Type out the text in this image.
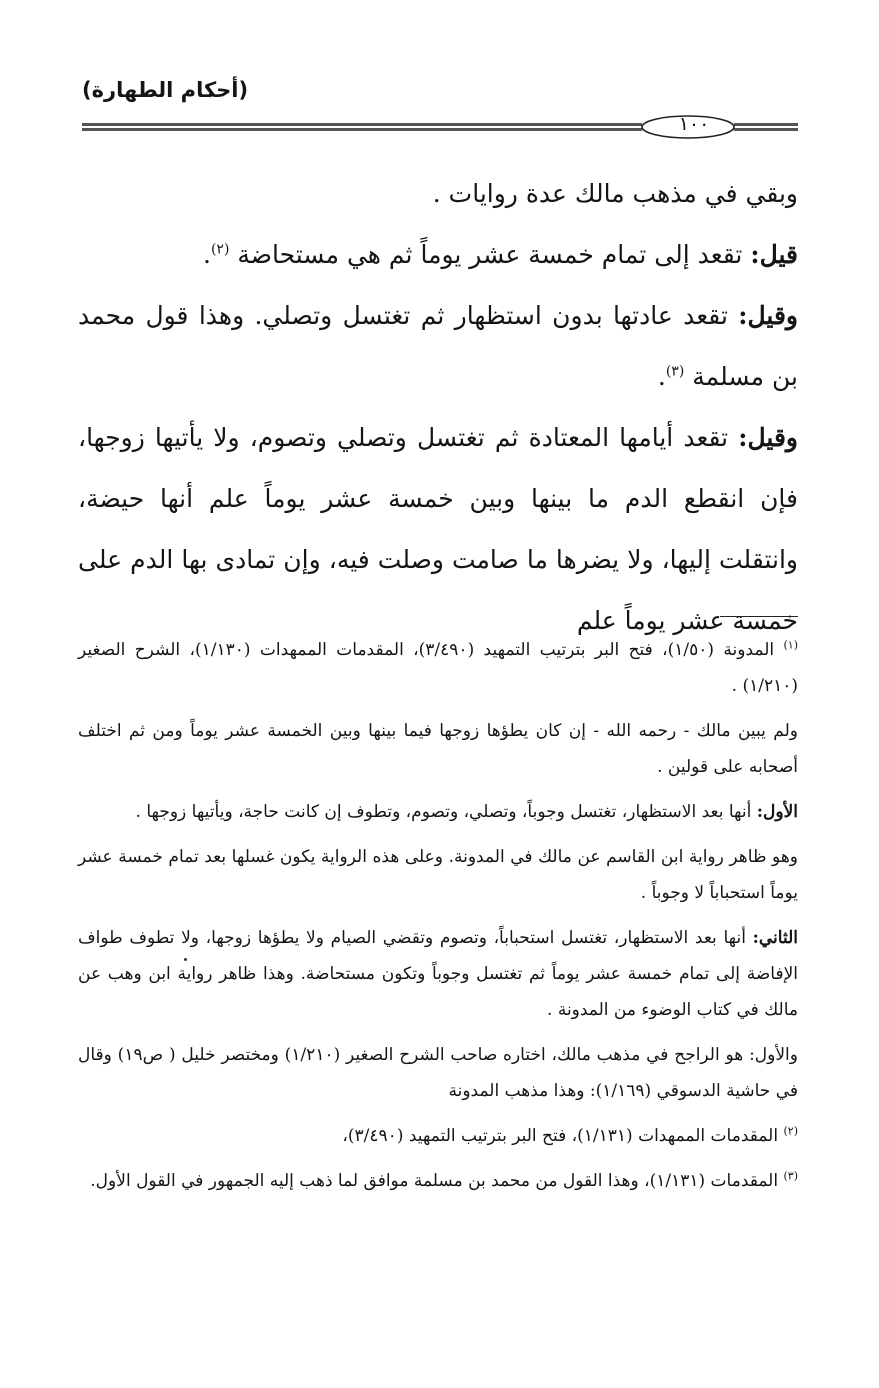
(أحكام الطهارة)
١٠٠

وبقي في مذهب مالك عدة روايات .

قيل: تقعد إلى تمام خمسة عشر يوماً ثم هي مستحاضة $^{(٢)}$.

وقيل: تقعد عادتها بدون استظهار ثم تغتسل وتصلي. وهذا قول محمد بن مسلمة $^{(٣)}$.

وقيل: تقعد أيامها المعتادة ثم تغتسل وتصلي وتصوم، ولا يأتيها زوجها، فإن انقطع الدم ما بينها وبين خمسة عشر يوماً علم أنها حيضة، وانتقلت إليها، ولا يضرها ما صامت وصلت فيه، وإن تمادى بها الدم على خمسة عشر يوماً علم

$^{(١)}$ المدونة (١/٥٠)، فتح البر بترتيب التمهيد (٣/٤٩٠)، المقدمات الممهدات (١/١٣٠)، الشرح الصغير (١/٢١٠) .

ولم يبين مالك - رحمه الله - إن كان يطؤها زوجها فيما بينها وبين الخمسة عشر يوماً ومن ثم اختلف أصحابه على قولين .

الأول: أنها بعد الاستظهار، تغتسل وجوباً، وتصلي، وتصوم، وتطوف إن كانت حاجة، ويأتيها زوجها .

وهو ظاهر رواية ابن القاسم عن مالك في المدونة. وعلى هذه الرواية يكون غسلها بعد تمام خمسة عشر يوماً استحباباً لا وجوباً .

الثاني: أنها بعد الاستظهار، تغتسل استحباباً، وتصوم وتقضي الصيام ولا يطؤها زوجها، ولا تطوف طواف الإفاضة إلى تمام خمسة عشر يوماً ثم تغتسل وجوباً وتكون مستحاضة. وهذا ظاهر رواية ابن وهب عن مالك في كتاب الوضوء من المدونة .

والأول: هو الراجح في مذهب مالك، اختاره صاحب الشرح الصغير (١/٢١٠) ومختصر خليل ( ص١٩) وقال في حاشية الدسوقي (١/١٦٩): وهذا مذهب المدونة

$^{(٢)}$ المقدمات الممهدات (١/١٣١)، فتح البر بترتيب التمهيد (٣/٤٩٠)،

$^{(٣)}$ المقدمات (١/١٣١)، وهذا القول من محمد بن مسلمة موافق لما ذهب إليه الجمهور في القول الأول.
